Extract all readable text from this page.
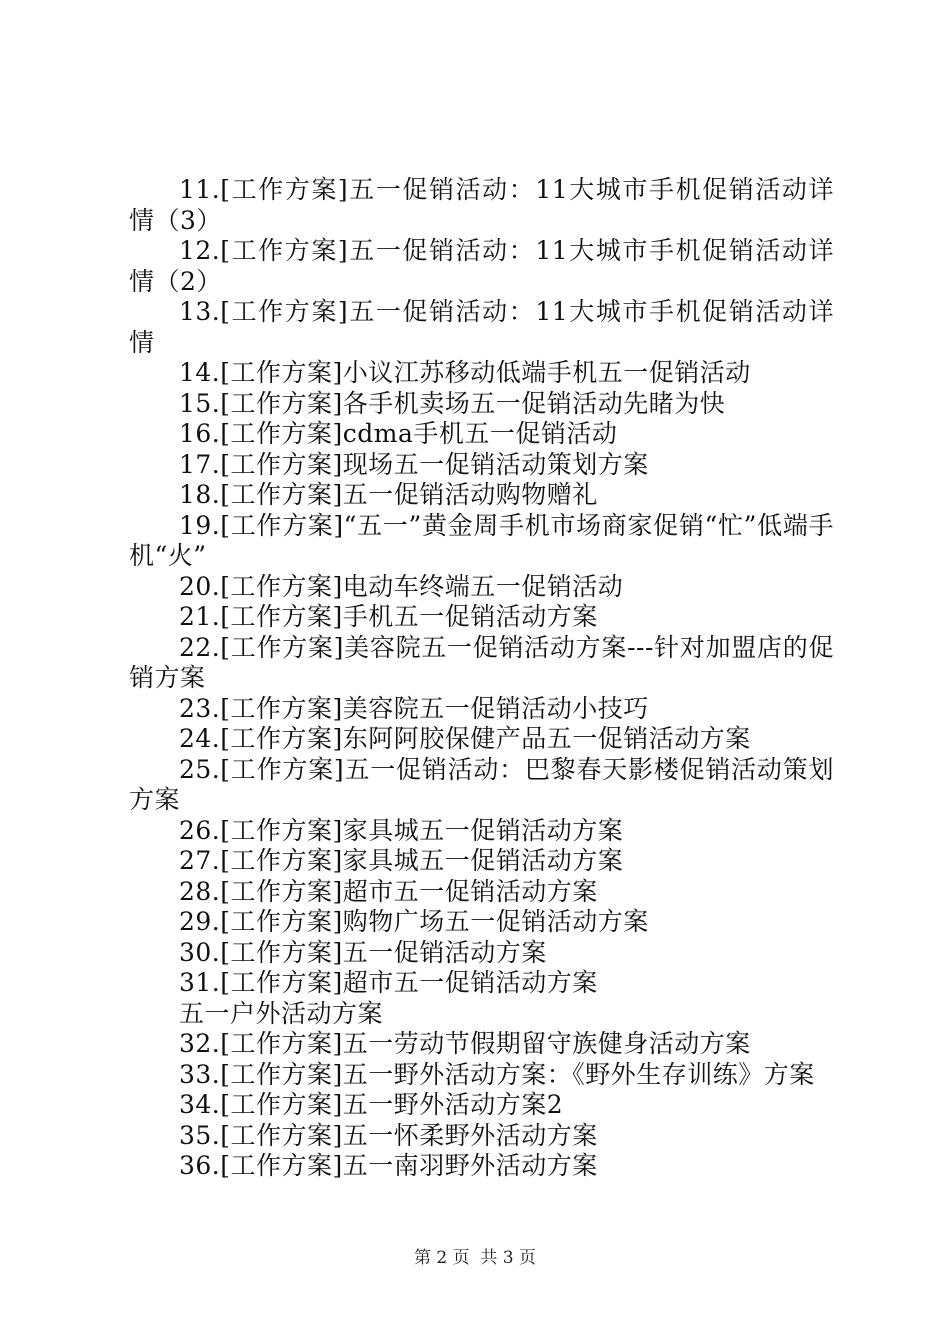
11.[工作方案]五一促销活动：11大城市手机促销活动详情（3）

12.[工作方案]五一促销活动：11大城市手机促销活动详情（2）

13.[工作方案]五一促销活动：11大城市手机促销活动详情

14.[工作方案]小议江苏移动低端手机五一促销活动

15.[工作方案]各手机卖场五一促销活动先睹为快

16.[工作方案]cdma手机五一促销活动

17.[工作方案]现场五一促销活动策划方案

18.[工作方案]五一促销活动购物赠礼

19.[工作方案]“五一”黄金周手机市场商家促销“忙”低端手机“火”

20.[工作方案]电动车终端五一促销活动

21.[工作方案]手机五一促销活动方案

22.[工作方案]美容院五一促销活动方案---针对加盟店的促销方案

23.[工作方案]美容院五一促销活动小技巧

24.[工作方案]东阿阿胶保健产品五一促销活动方案

25.[工作方案]五一促销活动：巴黎春天影楼促销活动策划方案

26.[工作方案]家具城五一促销活动方案

27.[工作方案]家具城五一促销活动方案

28.[工作方案]超市五一促销活动方案

29.[工作方案]购物广场五一促销活动方案

30.[工作方案]五一促销活动方案

31.[工作方案]超市五一促销活动方案

五一户外活动方案

32.[工作方案]五一劳动节假期留守族健身活动方案

33.[工作方案]五一野外活动方案：《野外生存训练》方案

34.[工作方案]五一野外活动方案2

35.[工作方案]五一怀柔野外活动方案

36.[工作方案]五一南羽野外活动方案

第 2 页  共 3 页
